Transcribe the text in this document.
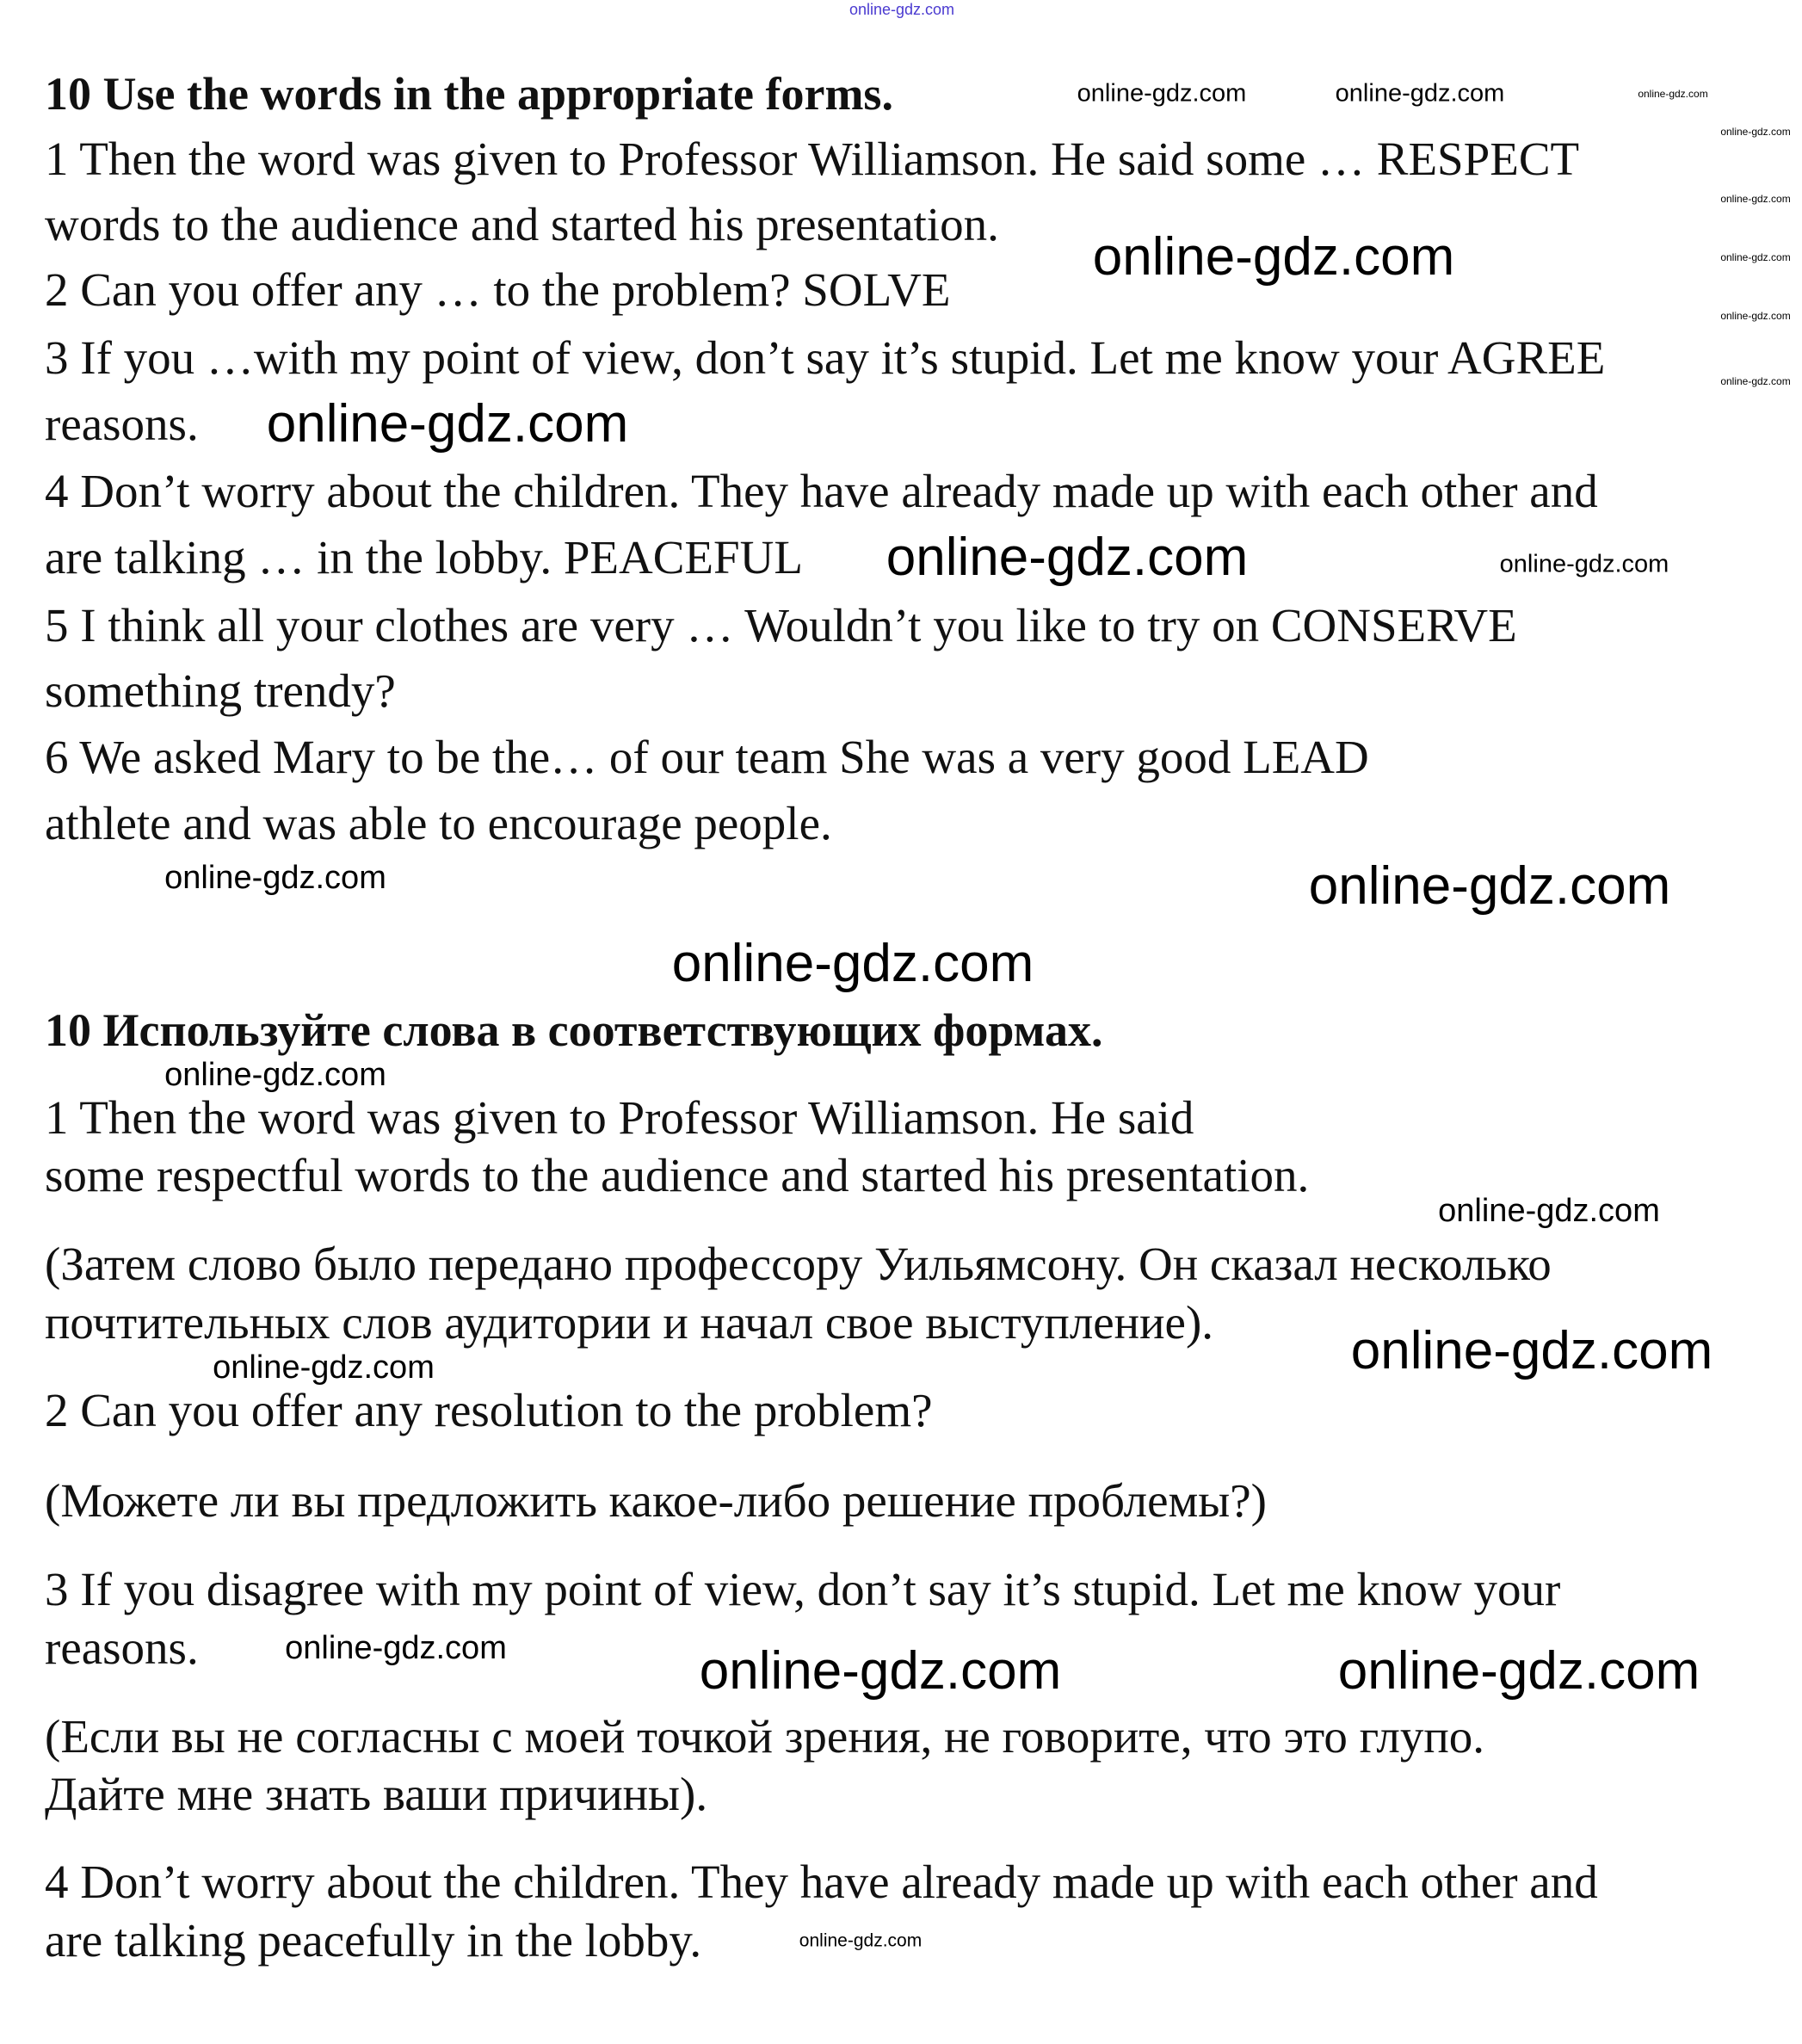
10 Use the words in the appropriate forms.
1 Then the word was given to Professor Williamson. He said some … RESPECT
words to the audience and started his presentation.
2 Can you offer any … to the problem? SOLVE
3 If you …with my point of view, don’t say it’s stupid. Let me know your AGREE
reasons.
4 Don’t worry about the children. They have already made up with each other and
are talking … in the lobby. PEACEFUL
5 I think all your clothes are very … Wouldn’t you like to try on CONSERVE
something trendy?
6 We asked Mary to be the… of our team She was a very good LEAD
athlete and was able to encourage people.
10 Используйте слова в соответствующих формах.
1 Then the word was given to Professor Williamson. He said
some respectful words to the audience and started his presentation.
(Затем слово было передано профессору Уильямсону. Он сказал несколько
почтительных слов аудитории и начал свое выступление).
2 Can you offer any resolution to the problem?
(Можете ли вы предложить какое-либо решение проблемы?)
3 If you disagree with my point of view, don’t say it’s stupid. Let me know your
reasons.
(Если вы не согласны с моей точкой зрения, не говорите, что это глупо.
Дайте мне знать ваши причины).
4 Don’t worry about the children. They have already made up with each other and
are talking peacefully in the lobby.
online-gdz.com
online-gdz.com	online-gdz.com	online-gdz.com
online-gdz.com
online-gdz.com
online-gdz.com
online-gdz.com
online-gdz.com
online-gdz.com
online-gdz.com
online-gdz.com	online-gdz.com
online-gdz.com	online-gdz.com
online-gdz.com
online-gdz.com
online-gdz.com
online-gdz.com	online-gdz.com
online-gdz.com	online-gdz.com	online-gdz.com
online-gdz.com
